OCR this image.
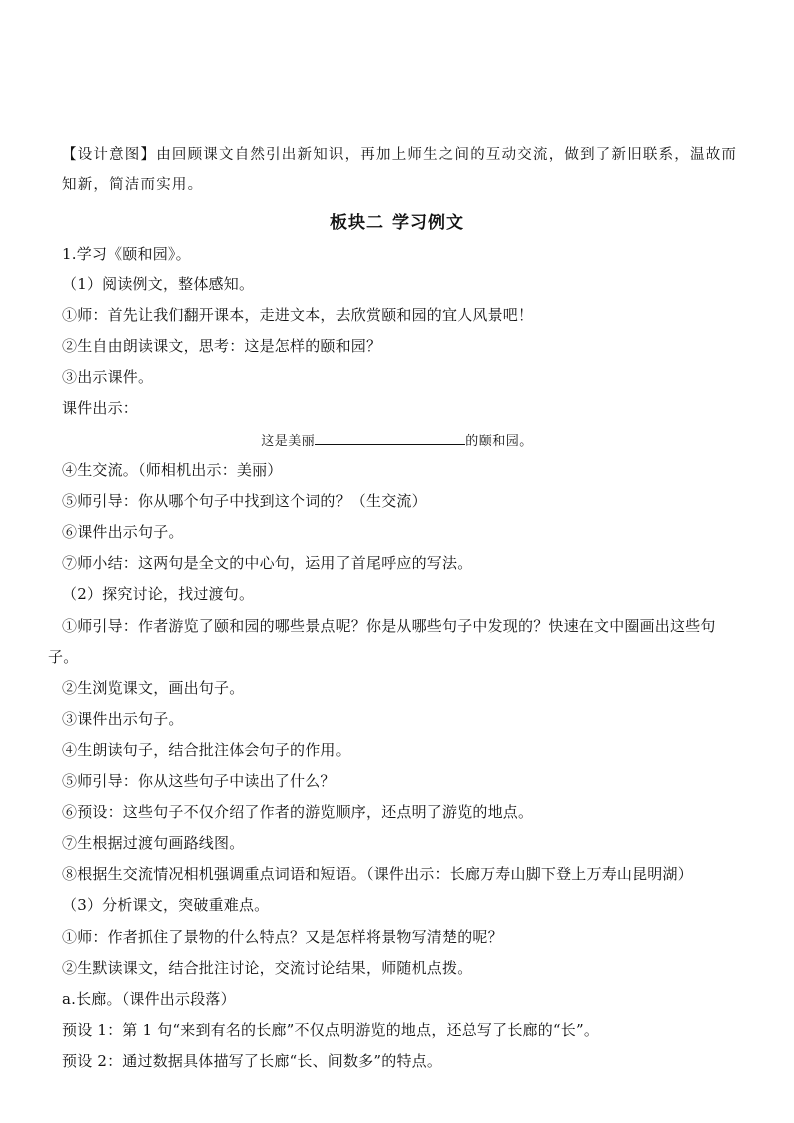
【设计意图】由回顾课文自然引出新知识，再加上师生之间的互动交流，做到了新旧联系，温故而
知新，简洁而实用。
板块二 学习例文
1.学习《颐和园》。
（1）阅读例文，整体感知。
①师：首先让我们翻开课本，走进文本，去欣赏颐和园的宜人风景吧！
②生自由朗读课文，思考：这是怎样的颐和园？
③出示课件。
课件出示：
这是美丽	的颐和园。
④生交流。（师相机出示：美丽）
⑤师引导：你从哪个句子中找到这个词的？（生交流）
⑥课件出示句子。
⑦师小结：这两句是全文的中心句，运用了首尾呼应的写法。
（2）探究讨论，找过渡句。
①师引导：作者游览了颐和园的哪些景点呢？你是从哪些句子中发现的？快速在文中圈画出这些句
子。
②生浏览课文，画出句子。
③课件出示句子。
④生朗读句子，结合批注体会句子的作用。
⑤师引导：你从这些句子中读出了什么？
⑥预设：这些句子不仅介绍了作者的游览顺序，还点明了游览的地点。
⑦生根据过渡句画路线图。
⑧根据生交流情况相机强调重点词语和短语。（课件出示：长廊万寿山脚下登上万寿山昆明湖）
（3）分析课文，突破重难点。
①师：作者抓住了景物的什么特点？又是怎样将景物写清楚的呢？
②生默读课文，结合批注讨论，交流讨论结果，师随机点拨。
a.长廊。（课件出示段落）
预设 1：第 1 句“来到有名的长廊”不仅点明游览的地点，还总写了长廊的“长”。
预设 2：通过数据具体描写了长廊“长、间数多”的特点。
